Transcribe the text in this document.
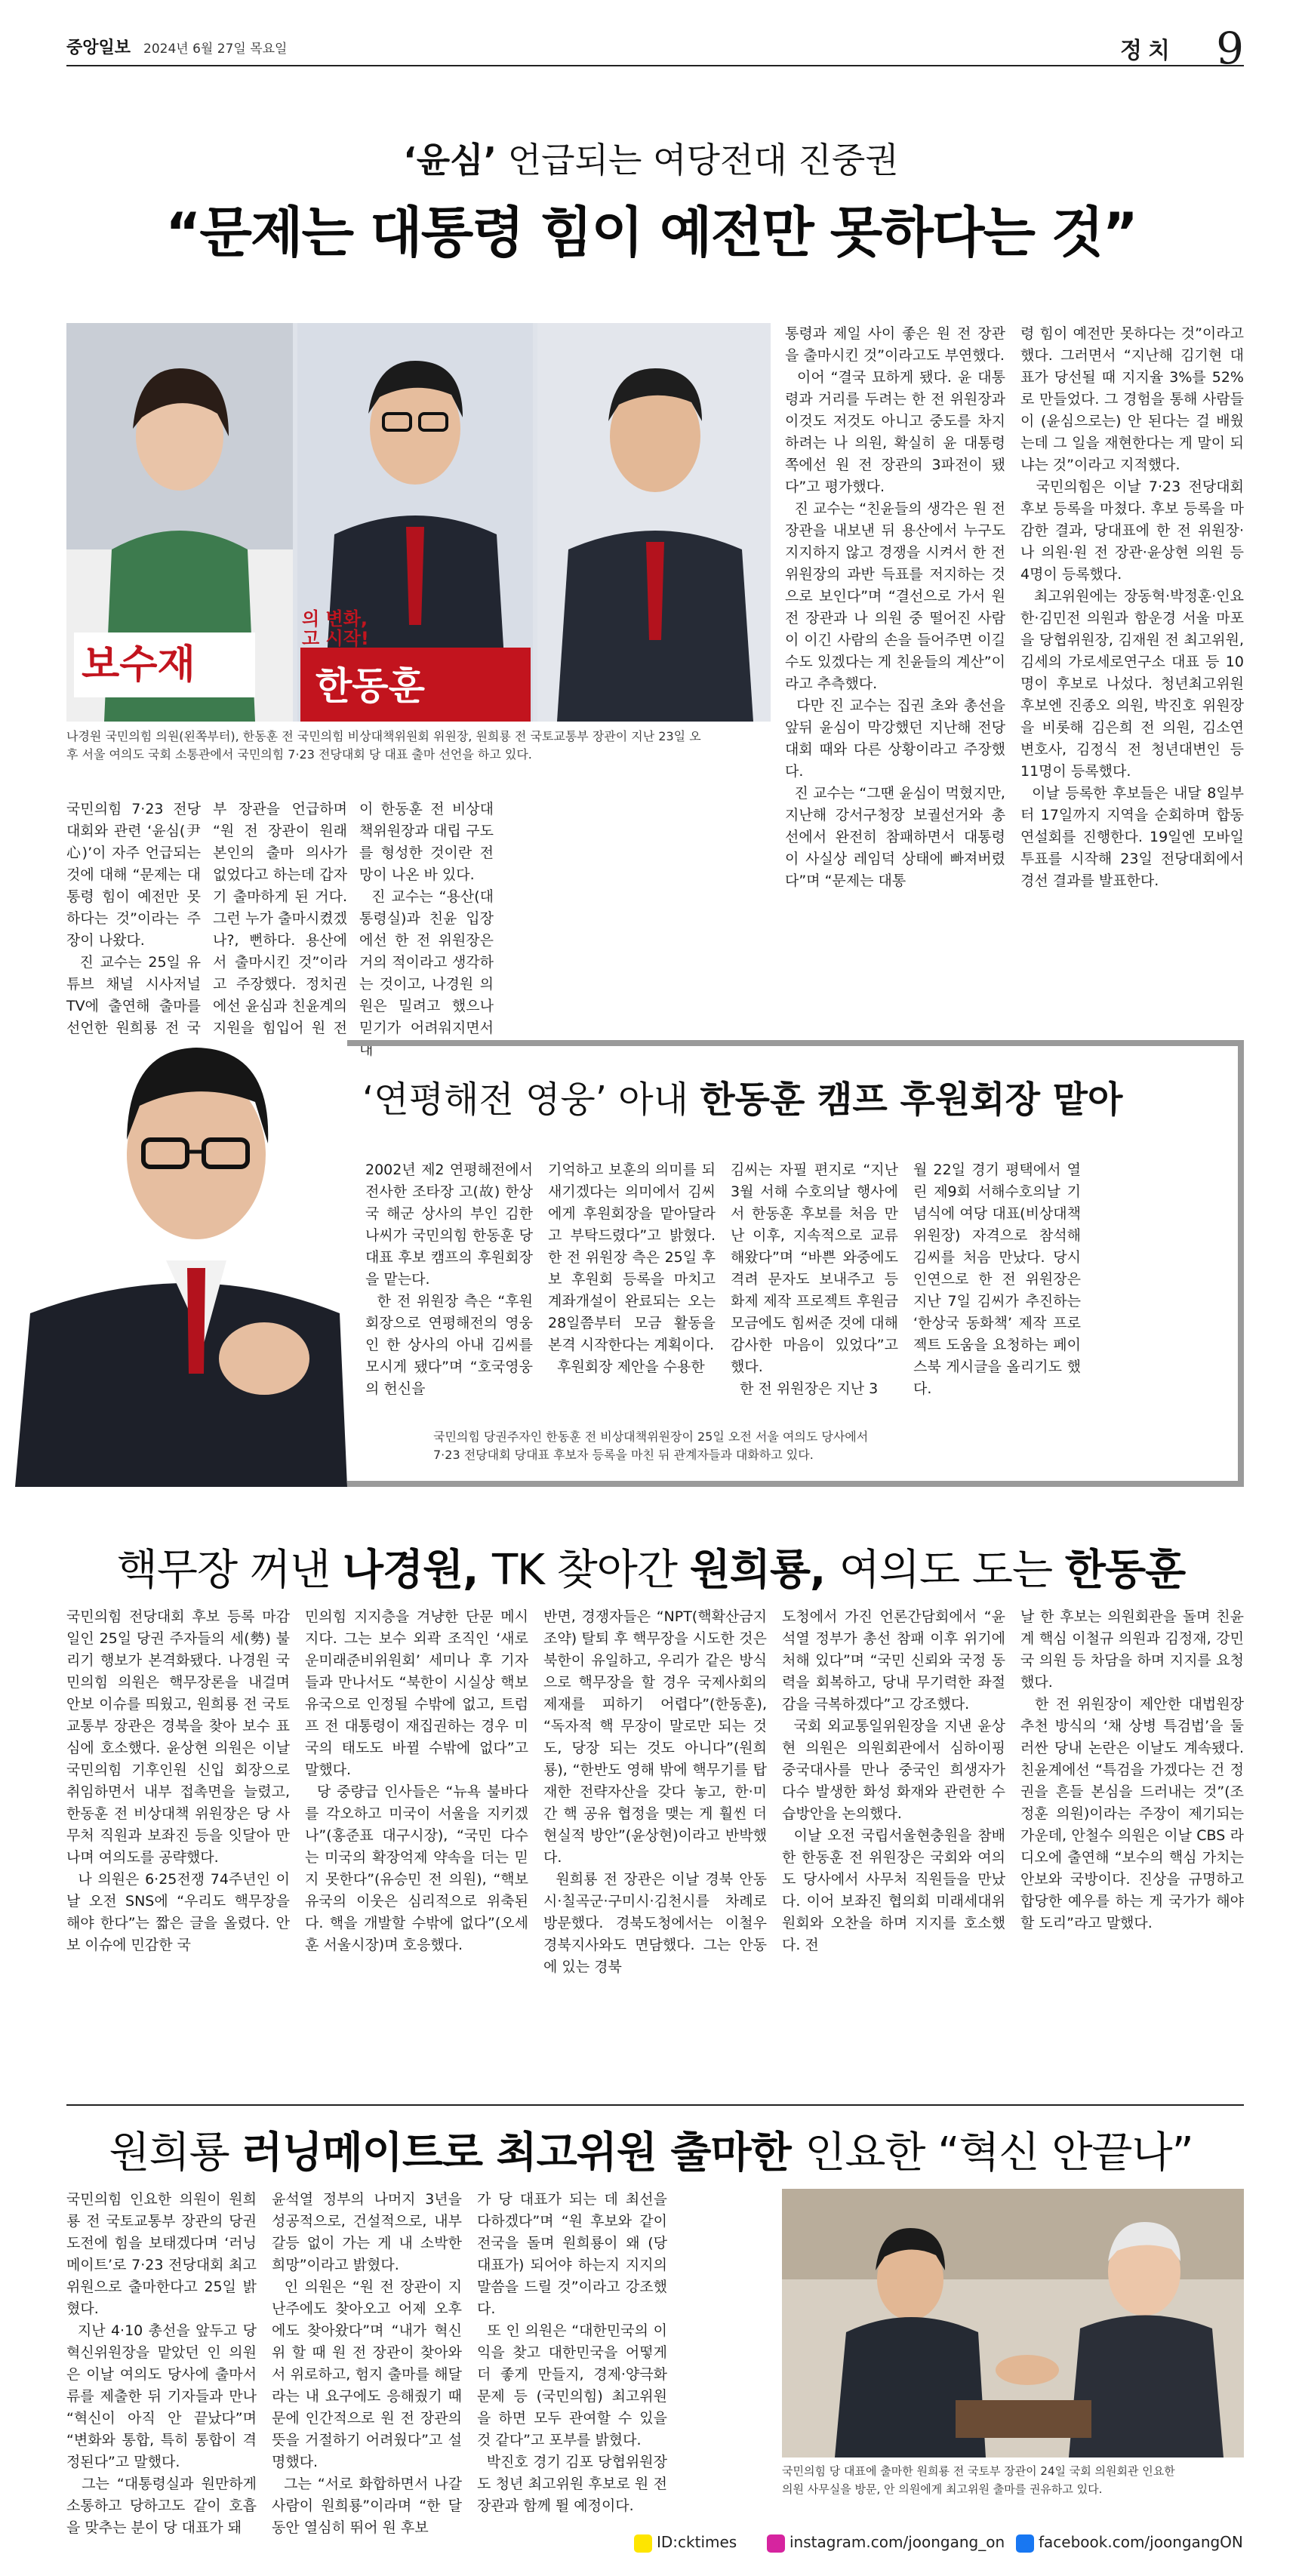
중앙일보 2024년 6월 27일 목요일	정치 9
‘윤심’ 언급되는 여당전대 진중권
“문제는 대통령 힘이 예전만 못하다는 것”
보수재	한동훈
의 변화,
고 시작!
나경원 국민의힘 의원(왼쪽부터), 한동훈 전 국민의힘 비상대책위원회 위원장, 원희룡 전 국토교통부 장관이 지난 23일 오
후 서울 여의도 국회 소통관에서 국민의힘 7·23 전당대회 당 대표 출마 선언을 하고 있다.
국민의힘 7·23 전당대회와 관련 ‘윤심(尹心)’이 자주 언급되는 것에 대해 “문제는 대통령 힘이 예전만 못하다는 것”이라는 주장이 나왔다.
진 교수는 25일 유튜브 채널 시사저널TV에 출연해 출마를 선언한 원희룡 전 국
부 장관을 언급하며 “원 전 장관이 원래 본인의 출마 의사가 없었다고 하는데 갑자기 출마하게 된 거다. 그런 누가 출마시켰겠나?, 뻔하다. 용산에서 출마시킨 것”이라고 주장했다. 정치권에선 윤심과 친윤계의 지원을 힘입어 원 전
이 한동훈 전 비상대책위원장과 대립 구도를 형성한 것이란 전망이 나온 바 있다.
진 교수는 “용산(대통령실)과 친윤 입장에선 한 전 위원장은 거의 적이라고 생각하는 것이고, 나경원 의원은 밀려고 했으나 믿기가 어려워지면서 대
통령과 제일 사이 좋은 원 전 장관을 출마시킨 것”이라고도 부연했다.
이어 “결국 묘하게 됐다. 윤 대통령과 거리를 두려는 한 전 위원장과 이것도 저것도 아니고 중도를 차지하려는 나 의원, 확실히 윤 대통령 쪽에선 원 전 장관의 3파전이 됐다”고 평가했다.
진 교수는 “친윤들의 생각은 원 전 장관을 내보낸 뒤 용산에서 누구도 지지하지 않고 경쟁을 시켜서 한 전 위원장의 과반 득표를 저지하는 것으로 보인다”며 “결선으로 가서 원 전 장관과 나 의원 중 떨어진 사람이 이긴 사람의 손을 들어주면 이길 수도 있겠다는 게 친윤들의 계산”이라고 추측했다.
다만 진 교수는 집권 초와 총선을 앞뒤 윤심이 막강했던 지난해 전당대회 때와 다른 상황이라고 주장했다.
진 교수는 “그땐 윤심이 먹혔지만, 지난해 강서구청장 보궐선거와 총선에서 완전히 참패하면서 대통령이 사실상 레임덕 상태에 빠져버렸다”며 “문제는 대통
령 힘이 예전만 못하다는 것”이라고 했다. 그러면서 “지난해 김기현 대표가 당선될 때 지지율 3%를 52%로 만들었다. 그 경험을 통해 사람들이 (윤심으로는) 안 된다는 걸 배웠는데 그 일을 재현한다는 게 말이 되냐는 것”이라고 지적했다.
국민의힘은 이날 7·23 전당대회 후보 등록을 마쳤다. 후보 등록을 마감한 결과, 당대표에 한 전 위원장·나 의원·원 전 장관·윤상현 의원 등 4명이 등록했다.
최고위원에는 장동혁·박정훈·인요한·김민전 의원과 함운경 서울 마포을 당협위원장, 김재원 전 최고위원, 김세의 가로세로연구소 대표 등 10명이 후보로 나섰다. 청년최고위원 후보엔 진종오 의원, 박진호 위원장을 비롯해 김은희 전 의원, 김소연 변호사, 김정식 전 청년대변인 등 11명이 등록했다.
이날 등록한 후보들은 내달 8일부터 17일까지 지역을 순회하며 합동연설회를 진행한다. 19일엔 모바일 투표를 시작해 23일 전당대회에서 경선 결과를 발표한다.
‘연평해전 영웅’ 아내 한동훈 캠프 후원회장 맡아
2002년 제2 연평해전에서 전사한 조타장 고(故) 한상국 해군 상사의 부인 김한나씨가 국민의힘 한동훈 당대표 후보 캠프의 후원회장을 맡는다.
한 전 위원장 측은 “후원회장으로 연평해전의 영웅인 한 상사의 아내 김씨를 모시게 됐다”며 “호국영웅의 헌신을
기억하고 보훈의 의미를 되새기겠다는 의미에서 김씨에게 후원회장을 맡아달라고 부탁드렸다”고 밝혔다. 한 전 위원장 측은 25일 후보 후원회 등록을 마치고 계좌개설이 완료되는 오는 28일쯤부터 모금 활동을 본격 시작한다는 계획이다.
후원회장 제안을 수용한
김씨는 자필 편지로 “지난 3월 서해 수호의날 행사에서 한동훈 후보를 처음 만난 이후, 지속적으로 교류해왔다”며 “바쁜 와중에도 격려 문자도 보내주고 등 화제 제작 프로젝트 후원금 모금에도 힘써준 것에 대해 감사한 마음이 있었다”고 했다.
한 전 위원장은 지난 3
월 22일 경기 평택에서 열린 제9회 서해수호의날 기념식에 여당 대표(비상대책위원장) 자격으로 참석해 김씨를 처음 만났다. 당시 인연으로 한 전 위원장은 지난 7일 김씨가 추진하는 ‘한상국 동화책’ 제작 프로젝트 도움을 요청하는 페이스북 게시글을 올리기도 했다.
국민의힘 당권주자인 한동훈 전 비상대책위원장이 25일 오전 서울 여의도 당사에서
7·23 전당대회 당대표 후보자 등록을 마친 뒤 관계자들과 대화하고 있다.
핵무장 꺼낸 나경원, TK 찾아간 원희룡, 여의도 도는 한동훈
국민의힘 전당대회 후보 등록 마감일인 25일 당권 주자들의 세(勢) 불리기 행보가 본격화됐다. 나경원 국민의힘 의원은 핵무장론을 내걸며 안보 이슈를 띄웠고, 원희룡 전 국토교통부 장관은 경북을 찾아 보수 표심에 호소했다. 윤상현 의원은 이날 국민의힘 기후인원 신입 회장으로 취임하면서 내부 접촉면을 늘렸고, 한동훈 전 비상대책 위원장은 당 사무처 직원과 보좌진 등을 잇달아 만나며 여의도를 공략했다.
나 의원은 6·25전쟁 74주년인 이날 오전 SNS에 “우리도 핵무장을 해야 한다”는 짧은 글을 올렸다. 안보 이슈에 민감한 국
민의힘 지지층을 겨냥한 단문 메시지다. 그는 보수 외곽 조직인 ‘새로운미래준비위원회’ 세미나 후 기자들과 만나서도 “북한이 시실상 핵보유국으로 인정될 수밖에 없고, 트럼프 전 대통령이 재집권하는 경우 미국의 태도도 바뀔 수밖에 없다”고 말했다.
당 중량급 인사들은 “뉴욕 불바다를 각오하고 미국이 서울을 지키겠나”(홍준표 대구시장), “국민 다수는 미국의 확장억제 약속을 더는 믿지 못한다”(유승민 전 의원), “핵보유국의 이웃은 심리적으로 위축된다. 핵을 개발할 수밖에 없다”(오세훈 서울시장)며 호응했다.
반면, 경쟁자들은 “NPT(핵확산금지조약) 탈퇴 후 핵무장을 시도한 것은 북한이 유일하고, 우리가 같은 방식으로 핵무장을 할 경우 국제사회의 제재를 피하기 어렵다”(한동훈), “독자적 핵 무장이 말로만 되는 것도, 당장 되는 것도 아니다”(원희룡), “한반도 영해 밖에 핵무기를 탑재한 전략자산을 갖다 놓고, 한·미 간 핵 공유 협정을 맺는 게 훨씬 더 현실적 방안”(윤상현)이라고 반박했다.
원희룡 전 장관은 이날 경북 안동시·칠곡군·구미시·김천시를 차례로 방문했다. 경북도청에서는 이철우 경북지사와도 면담했다. 그는 안동에 있는 경북
도청에서 가진 언론간담회에서 “윤석열 정부가 총선 참패 이후 위기에 처해 있다”며 “국민 신뢰와 국정 동력을 회복하고, 당내 무기력한 좌절감을 극복하겠다”고 강조했다.
국회 외교통일위원장을 지낸 윤상현 의원은 의원회관에서 심하이핑 중국대사를 만나 중국인 희생자가 다수 발생한 화성 화재와 관련한 수습방안을 논의했다.
이날 오전 국립서울현충원을 참배한 한동훈 전 위원장은 국회와 여의도 당사에서 사무처 직원들을 만났다. 이어 보좌진 협의회 미래세대위원회와 오찬을 하며 지지를 호소했다. 전
날 한 후보는 의원회관을 돌며 친윤계 핵심 이철규 의원과 김정재, 강민국 의원 등 차담을 하며 지지를 요청했다.
한 전 위원장이 제안한 대법원장 추천 방식의 ‘채 상병 특검법’을 둘러싼 당내 논란은 이날도 계속됐다. 친윤계에선 “특검을 가겠다는 건 정권을 흔들 본심을 드러내는 것”(조정훈 의원)이라는 주장이 제기되는 가운데, 안철수 의원은 이날 CBS 라디오에 출연해 “보수의 핵심 가치는 안보와 국방이다. 진상을 규명하고 합당한 예우를 하는 게 국가가 해야 할 도리”라고 말했다.
원희룡 러닝메이트로 최고위원 출마한 인요한 “혁신 안끝나”
국민의힘 인요한 의원이 원희룡 전 국토교통부 장관의 당권도전에 힘을 보태겠다며 ‘러닝메이트’로 7·23 전당대회 최고위원으로 출마한다고 25일 밝혔다.
지난 4·10 총선을 앞두고 당 혁신위원장을 맡았던 인 의원은 이날 여의도 당사에 출마서류를 제출한 뒤 기자들과 만나 “혁신이 아직 안 끝났다”며 “변화와 통합, 특히 통합이 격정된다”고 말했다.
그는 “대통령실과 원만하게 소통하고 당하고도 같이 호흡을 맞추는 분이 당 대표가 돼
윤석열 정부의 나머지 3년을 성공적으로, 건설적으로, 내부 갈등 없이 가는 게 내 소박한 희망”이라고 밝혔다.
인 의원은 “원 전 장관이 지난주에도 찾아오고 어제 오후에도 찾아왔다”며 “내가 혁신위 할 때 원 전 장관이 찾아와서 위로하고, 험지 출마를 해달라는 내 요구에도 응해줬기 때문에 인간적으로 원 전 장관의 뜻을 거절하기 어려웠다”고 설명했다.
그는 “서로 화합하면서 나갈 사람이 원희룡”이라며 “한 달 동안 열심히 뛰어 원 후보
가 당 대표가 되는 데 최선을 다하겠다”며 “원 후보와 같이 전국을 돌며 원희룡이 왜 (당 대표가) 되어야 하는지 지지의 말씀을 드릴 것”이라고 강조했다.
또 인 의원은 “대한민국의 이익을 찾고 대한민국을 어떻게 더 좋게 만들지, 경제·양극화 문제 등 (국민의힘) 최고위원을 하면 모두 관여할 수 있을 것 같다”고 포부를 밝혔다.
박진호 경기 김포 당협위원장도 청년 최고위원 후보로 원 전 장관과 함께 뛸 예정이다.
국민의힘 당 대표에 출마한 원희룡 전 국토부 장관이 24일 국회 의원회관 인요한
의원 사무실을 방문, 안 의원에게 최고위원 출마를 권유하고 있다.
ID:cktimes	instagram.com/joongang_on	facebook.com/joongangON
